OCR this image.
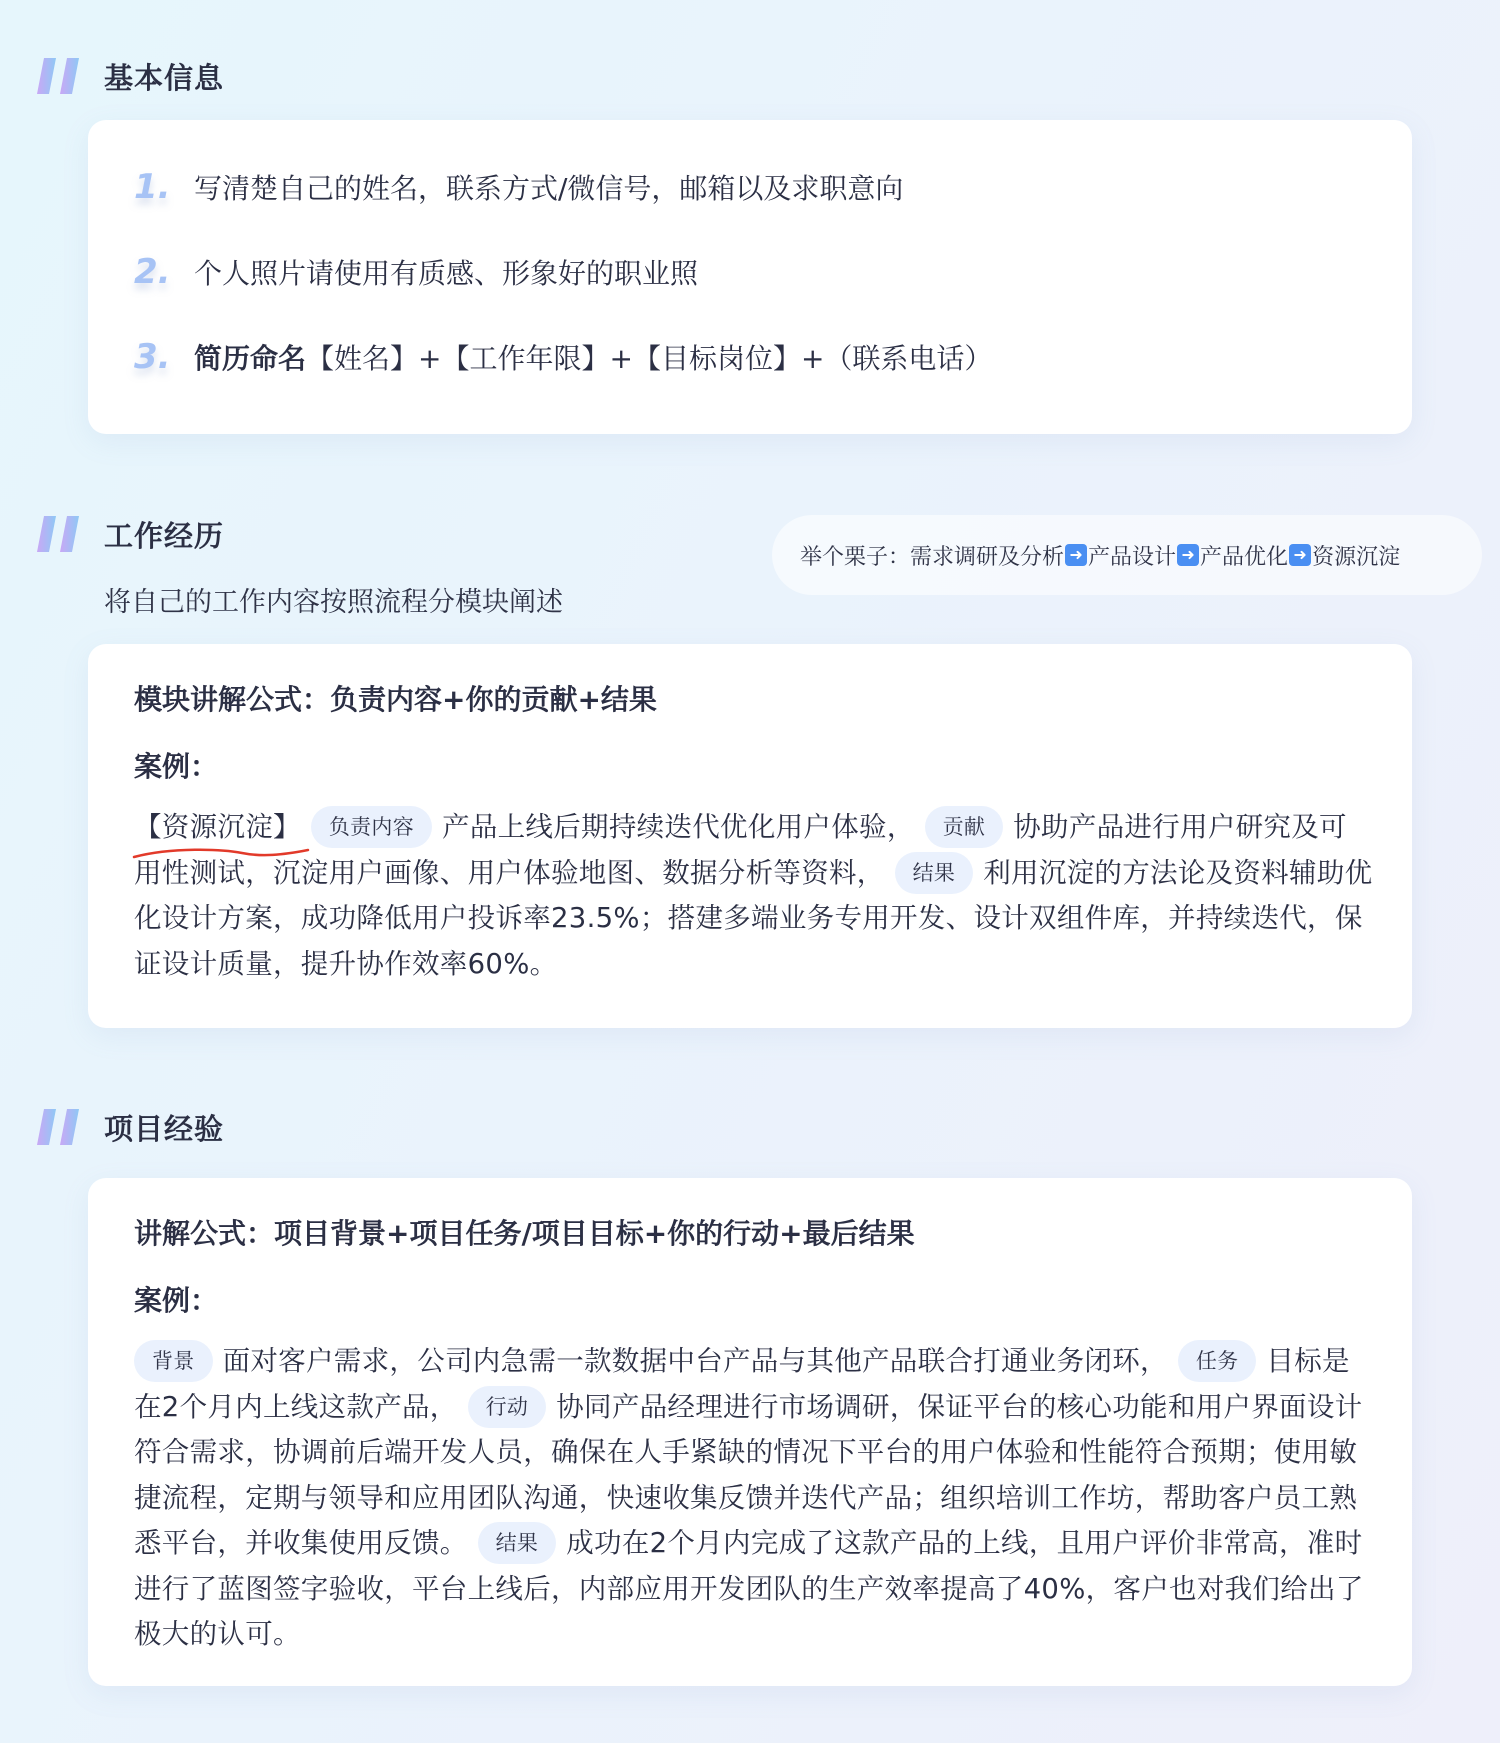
基本信息
1. 写清楚自己的姓名，联系方式/微信号，邮箱以及求职意向
2. 个人照片请使用有质感、形象好的职业照
3. 简历命名 【姓名】+【工作年限】+【目标岗位】+（联系电话）
工作经历
将自己的工作内容按照流程分模块阐述
举个栗子： 需求调研及分析 ➜ 产品设计 ➜ 产品优化 ➜ 资源沉淀
模块讲解公式：负责内容+你的贡献+结果
案例：
【资源沉淀】 负责内容 产品上线后期持续迭代优化用户体验， 贡献 协助产品进行用户研究及可用性测试，沉淀用户画像、用户体验地图、数据分析等资料， 结果 利用沉淀的方法论及资料辅助优化设计方案，成功降低用户投诉率23.5%；搭建多端业务专用开发、设计双组件库，并持续迭代，保证设计质量，提升协作效率60%。
项目经验
讲解公式：项目背景+项目任务/项目目标+你的行动+最后结果
案例：
背景 面对客户需求，公司内急需一款数据中台产品与其他产品联合打通业务闭环， 任务 目标是在2个月内上线这款产品， 行动 协同产品经理进行市场调研，保证平台的核心功能和用户界面设计符合需求，协调前后端开发人员，确保在人手紧缺的情况下平台的用户体验和性能符合预期；使用敏捷流程，定期与领导和应用团队沟通，快速收集反馈并迭代产品；组织培训工作坊，帮助客户员工熟悉平台，并收集使用反馈。 结果 成功在2个月内完成了这款产品的上线，且用户评价非常高，准时进行了蓝图签字验收，平台上线后，内部应用开发团队的生产效率提高了40%，客户也对我们给出了极大的认可。
